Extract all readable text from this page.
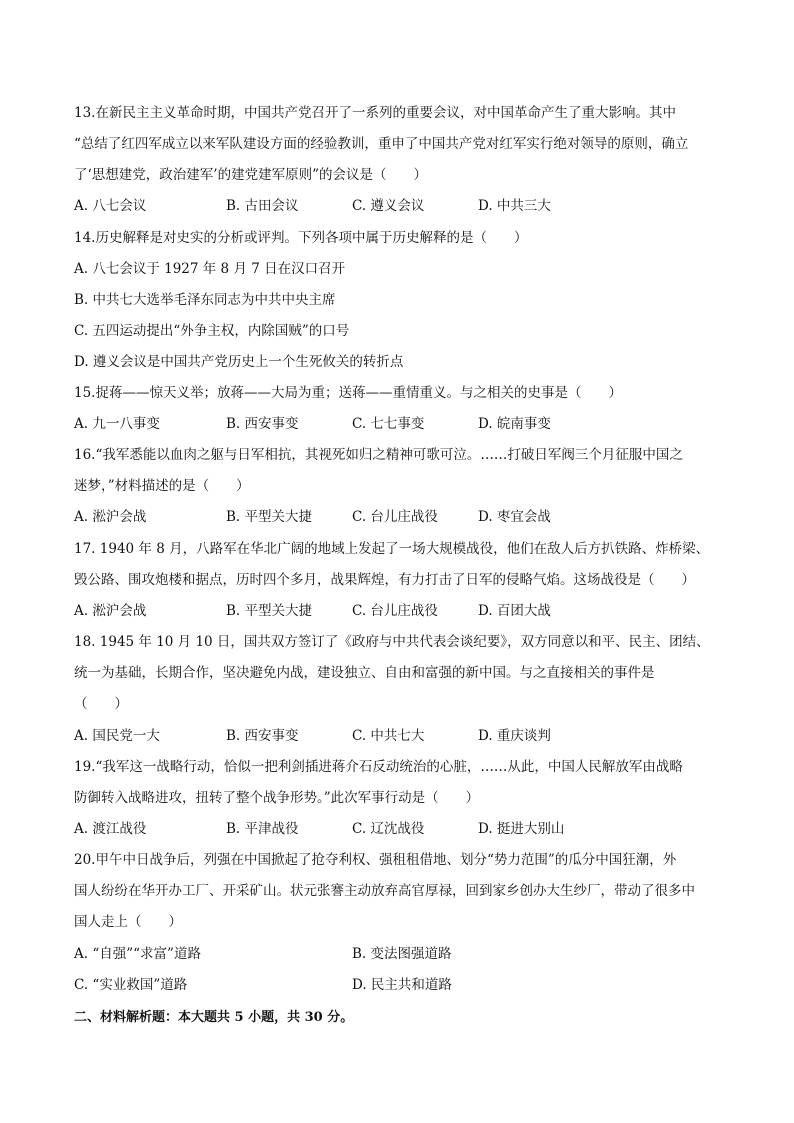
13.在新民主主义革命时期，中国共产党召开了一系列的重要会议，对中国革命产生了重大影响。其中
“总结了红四军成立以来军队建设方面的经验教训，重申了中国共产党对红军实行绝对领导的原则，确立
了‘思想建党，政治建军’的建党建军原则”的会议是（　　）
A. 八七会议	B. 古田会议	C. 遵义会议	D. 中共三大
14.历史解释是对史实的分析或评判。下列各项中属于历史解释的是（　　）
A. 八七会议于 1927 年 8 月 7 日在汉口召开
B. 中共七大选举毛泽东同志为中共中央主席
C. 五四运动提出“外争主权，内除国贼”的口号
D. 遵义会议是中国共产党历史上一个生死攸关的转折点
15.捉蒋——惊天义举；放蒋——大局为重；送蒋——重情重义。与之相关的史事是（　　）
A. 九一八事变	B. 西安事变	C. 七七事变	D. 皖南事变
16.“我军悉能以血肉之躯与日军相抗，其视死如归之精神可歌可泣。……打破日军阀三个月征服中国之
迷梦，”材料描述的是（　　）
A. 淞沪会战	B. 平型关大捷	C. 台儿庄战役	D. 枣宜会战
17. 1940 年 8 月，八路军在华北广阔的地域上发起了一场大规模战役，他们在敌人后方扒铁路、炸桥梁、
毁公路、围攻炮楼和据点，历时四个多月，战果辉煌，有力打击了日军的侵略气焰。这场战役是（　　）
A. 淞沪会战	B. 平型关大捷	C. 台儿庄战役	D. 百团大战
18. 1945 年 10 月 10 日，国共双方签订了《政府与中共代表会谈纪要》，双方同意以和平、民主、团结、
统一为基础，长期合作，坚决避免内战，建设独立、自由和富强的新中国。与之直接相关的事件是
（　　）
A. 国民党一大	B. 西安事变	C. 中共七大	D. 重庆谈判
19.“我军这一战略行动，恰似一把利剑插进蒋介石反动统治的心脏，……从此，中国人民解放军由战略
防御转入战略进攻，扭转了整个战争形势。”此次军事行动是（　　）
A. 渡江战役	B. 平津战役	C. 辽沈战役	D. 挺进大别山
20.甲午中日战争后，列强在中国掀起了抢夺利权、强租租借地、划分“势力范围”的瓜分中国狂潮，外
国人纷纷在华开办工厂、开采矿山。状元张謇主动放弃高官厚禄，回到家乡创办大生纱厂，带动了很多中
国人走上（　　）
A. “自强”“求富”道路	B. 变法图强道路
C. “实业救国”道路	D. 民主共和道路
二、材料解析题：本大题共 5 小题，共 30 分。
